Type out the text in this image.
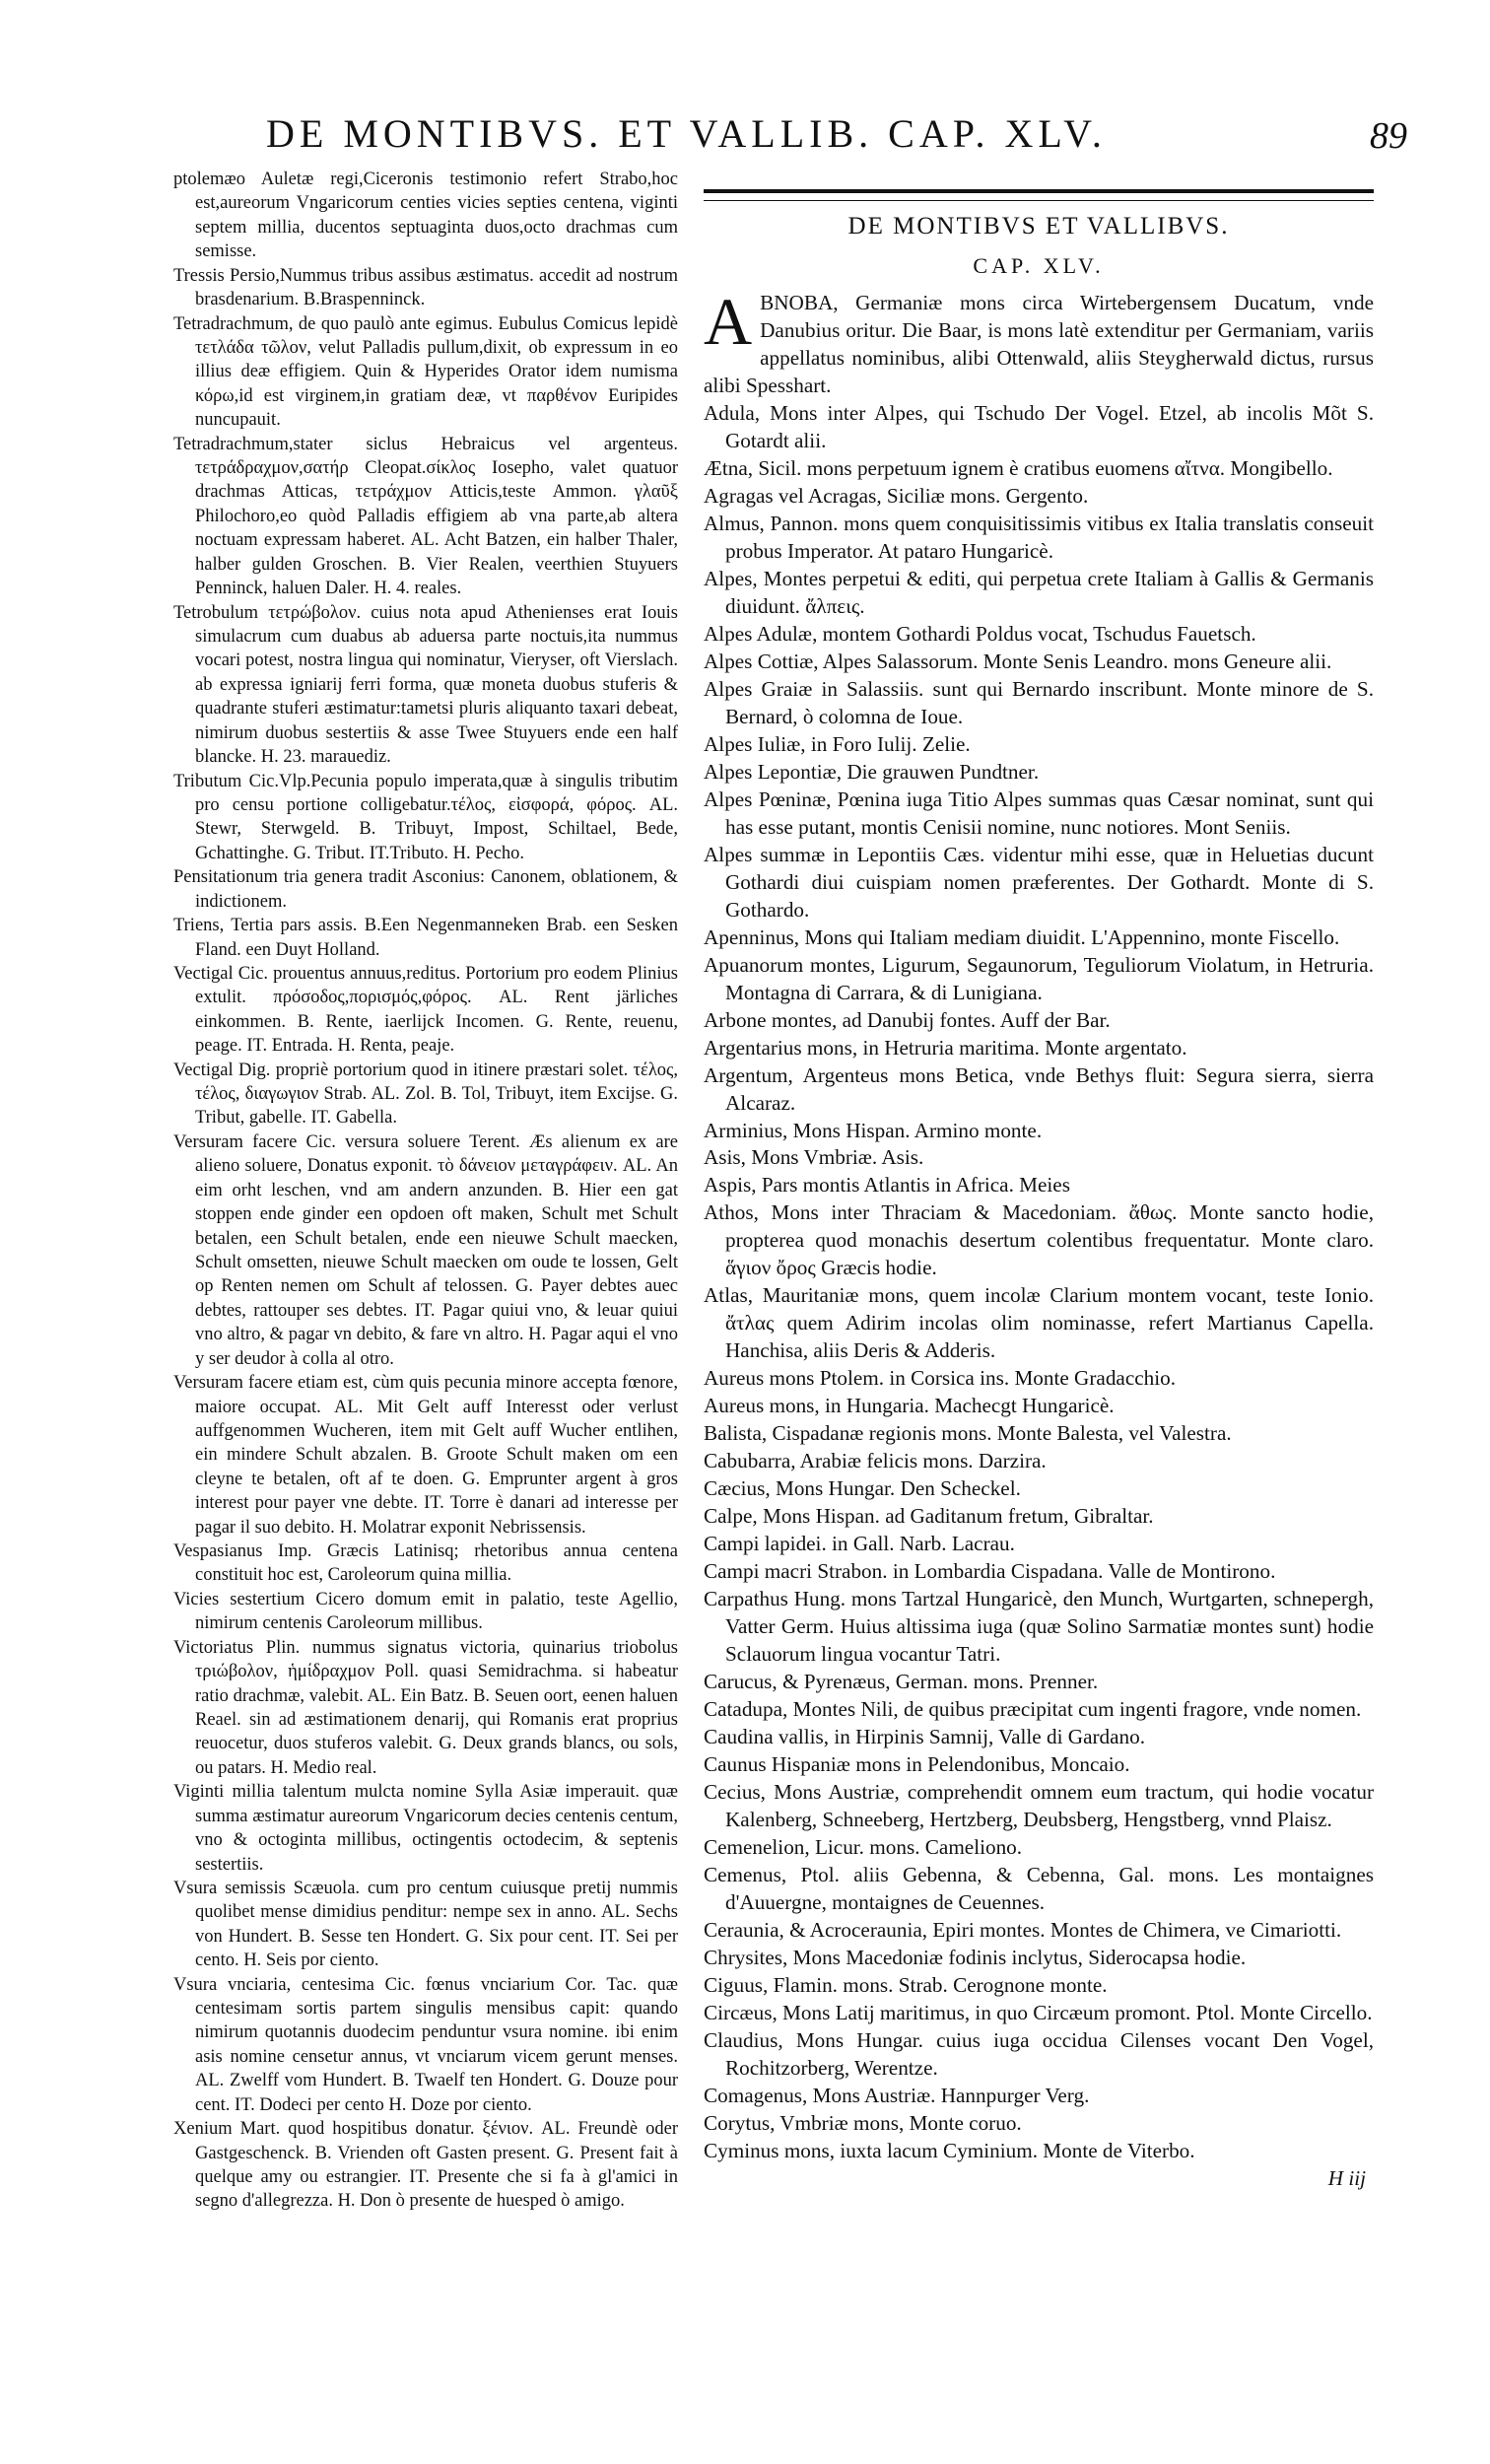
DE MONTIBVS. ET VALLIB. CAP. XLV.	89

ptolemæo Auletæ regi,Ciceronis testimonio refert Strabo,hoc est,aureorum Vngaricorum centies vicies septies centena, viginti septem millia, ducentos septuaginta duos,octo drachmas cum semisse.

Tressis Persio,Nummus tribus assibus æstimatus. accedit ad nostrum brasdenarium. B.Braspenninck.

Tetradrachmum, de quo paulò ante egimus. Eubulus Comicus lepidè τετλάδα τῶλον, velut Palladis pullum,dixit, ob expressum in eo illius deæ effigiem. Quin & Hyperides Orator idem numisma κόρω,id est virginem,in gratiam deæ, vt παρθένον Euripides nuncupauit.

Tetradrachmum,stater siclus Hebraicus vel argenteus. τετράδραχμον,σατήρ Cleopat.σίκλος Iosepho, valet quatuor drachmas Atticas, τετράχμον Atticis,teste Ammon. γλαῦξ Philochoro,eo quòd Palladis effigiem ab vna parte,ab altera noctuam expressam haberet. AL. Acht Batzen, ein halber Thaler, halber gulden Groschen. B. Vier Realen, veerthien Stuyuers Penninck, haluen Daler. H. 4. reales.

Tetrobulum τετρώβολον. cuius nota apud Athenienses erat Iouis simulacrum cum duabus ab aduersa parte noctuis,ita nummus vocari potest, nostra lingua qui nominatur, Vieryser, oft Vierslach. ab expressa igniarij ferri forma, quæ moneta duobus stuferis & quadrante stuferi æstimatur:tametsi pluris aliquanto taxari debeat, nimirum duobus sestertiis & asse Twee Stuyuers ende een half blancke. H. 23. marauediz.

Tributum Cic.Vlp.Pecunia populo imperata,quæ à singulis tributim pro censu portione colligebatur.τέλος, εἰσφορά, φόρος. AL. Stewr, Sterwgeld. B. Tribuyt, Impost, Schiltael, Bede, Gchattinghe. G. Tribut. IT.Tributo. H. Pecho.

Pensitationum tria genera tradit Asconius: Canonem, oblationem, & indictionem.

Triens, Tertia pars assis. B.Een Negenmanneken Brab. een Sesken Fland. een Duyt Holland.

Vectigal Cic. prouentus annuus,reditus. Portorium pro eodem Plinius extulit. πρόσοδος,πορισμός,φόρος. AL. Rent järliches einkommen. B. Rente, iaerlijck Incomen. G. Rente, reuenu, peage. IT. Entrada. H. Renta, peaje.

Vectigal Dig. propriè portorium quod in itinere præstari solet. τέλος, τέλος, διαγωγιον Strab. AL. Zol. B. Tol, Tribuyt, item Excijse. G. Tribut, gabelle. IT. Gabella.

Versuram facere Cic. versura soluere Terent. Æs alienum ex are alieno soluere, Donatus exponit. τὸ δάνειον μεταγράφειν. AL. An eim orht leschen, vnd am andern anzunden. B. Hier een gat stoppen ende ginder een opdoen oft maken, Schult met Schult betalen, een Schult betalen, ende een nieuwe Schult maecken, Schult omsetten, nieuwe Schult maecken om oude te lossen, Gelt op Renten nemen om Schult af telossen. G. Payer debtes auec debtes, rattouper ses debtes. IT. Pagar quiui vno, & leuar quiui vno altro, & pagar vn debito, & fare vn altro. H. Pagar aqui el vno y ser deudor à colla al otro.

Versuram facere etiam est, cùm quis pecunia minore accepta fœnore, maiore occupat. AL. Mit Gelt auff Interesst oder verlust auffgenommen Wucheren, item mit Gelt auff Wucher entlihen, ein mindere Schult abzalen. B. Groote Schult maken om een cleyne te betalen, oft af te doen. G. Emprunter argent à gros interest pour payer vne debte. IT. Torre è danari ad interesse per pagar il suo debito. H. Molatrar exponit Nebrissensis.

Vespasianus Imp. Græcis Latinisq; rhetoribus annua centena constituit hoc est, Caroleorum quina millia.

Vicies sestertium Cicero domum emit in palatio, teste Agellio, nimirum centenis Caroleorum millibus.

Victoriatus Plin. nummus signatus victoria, quinarius triobolus τριώβολον, ἡμίδραχμον Poll. quasi Semidrachma. si habeatur ratio drachmæ, valebit. AL. Ein Batz. B. Seuen oort, eenen haluen Reael. sin ad æstimationem denarij, qui Romanis erat proprius reuocetur, duos stuferos valebit. G. Deux grands blancs, ou sols, ou patars. H. Medio real.

Viginti millia talentum mulcta nomine Sylla Asiæ imperauit. quæ summa æstimatur aureorum Vngaricorum decies centenis centum, vno & octoginta millibus, octingentis octodecim, & septenis sestertiis.

Vsura semissis Scæuola. cum pro centum cuiusque pretij nummis quolibet mense dimidius penditur: nempe sex in anno. AL. Sechs von Hundert. B. Sesse ten Hondert. G. Six pour cent. IT. Sei per cento. H. Seis por ciento.

Vsura vnciaria, centesima Cic. fœnus vnciarium Cor. Tac. quæ centesimam sortis partem singulis mensibus capit: quando nimirum quotannis duodecim penduntur vsura nomine. ibi enim asis nomine censetur annus, vt vnciarum vicem gerunt menses. AL. Zwelff vom Hundert. B. Twaelf ten Hondert. G. Douze pour cent. IT. Dodeci per cento H. Doze por ciento.

Xenium Mart. quod hospitibus donatur. ξένιον. AL. Freundè oder Gastgeschenck. B. Vrienden oft Gasten present. G. Present fait à quelque amy ou estrangier. IT. Presente che si fa à gl'amici in segno d'allegrezza. H. Don ò presente de huesped ò amigo.

DE MONTIBVS ET VALLIBVS.
CAP. XLV.

A BNOBA, Germaniæ mons circa Wirtebergensem Ducatum, vnde Danubius oritur. Die Baar, is mons latè extenditur per Germaniam, variis appellatus nominibus, alibi Ottenwald, aliis Steygherwald dictus, rursus alibi Spesshart.

Adula, Mons inter Alpes, qui Tschudo Der Vogel. Etzel, ab incolis Mõt S. Gotardt alii.

Ætna, Sicil. mons perpetuum ignem è cratibus euomens αἴτνα. Mongibello.

Agragas vel Acragas, Siciliæ mons. Gergento.

Almus, Pannon. mons quem conquisitissimis vitibus ex Italia translatis conseuit probus Imperator. At pataro Hungaricè.

Alpes, Montes perpetui & editi, qui perpetua crete Italiam à Gallis & Germanis diuidunt. ἄλπεις.

Alpes Adulæ, montem Gothardi Poldus vocat, Tschudus Fauetsch.

Alpes Cottiæ, Alpes Salassorum. Monte Senis Leandro. mons Geneure alii.

Alpes Graiæ in Salassiis. sunt qui Bernardo inscribunt. Monte minore de S. Bernard, ò colomna de Ioue.

Alpes Iuliæ, in Foro Iulij. Zelie.

Alpes Lepontiæ, Die grauwen Pundtner.

Alpes Pœninæ, Pœnina iuga Titio Alpes summas quas Cæsar nominat, sunt qui has esse putant, montis Cenisii nomine, nunc notiores. Mont Seniis.

Alpes summæ in Lepontiis Cæs. videntur mihi esse, quæ in Heluetias ducunt Gothardi diui cuispiam nomen præferentes. Der Gothardt. Monte di S. Gothardo.

Apenninus, Mons qui Italiam mediam diuidit. L'Appennino, monte Fiscello.

Apuanorum montes, Ligurum, Segaunorum, Teguliorum Violatum, in Hetruria. Montagna di Carrara, & di Lunigiana.

Arbone montes, ad Danubij fontes. Auff der Bar.

Argentarius mons, in Hetruria maritima. Monte argentato.

Argentum, Argenteus mons Betica, vnde Bethys fluit: Segura sierra, sierra Alcaraz.

Arminius, Mons Hispan. Armino monte.

Asis, Mons Vmbriæ. Asis.

Aspis, Pars montis Atlantis in Africa. Meies

Athos, Mons inter Thraciam & Macedoniam. ἄθως. Monte sancto hodie, propterea quod monachis desertum colentibus frequentatur. Monte claro. ἅγιον ὄρος Græcis hodie.

Atlas, Mauritaniæ mons, quem incolæ Clarium montem vocant, teste Ionio. ἄτλας quem Adirim incolas olim nominasse, refert Martianus Capella. Hanchisa, aliis Deris & Adderis.

Aureus mons Ptolem. in Corsica ins. Monte Gradacchio.

Aureus mons, in Hungaria. Machecgt Hungaricè.

Balista, Cispadanæ regionis mons. Monte Balesta, vel Valestra.

Cabubarra, Arabiæ felicis mons. Darzira.

Cæcius, Mons Hungar. Den Scheckel.

Calpe, Mons Hispan. ad Gaditanum fretum, Gibraltar.

Campi lapidei. in Gall. Narb. Lacrau.

Campi macri Strabon. in Lombardia Cispadana. Valle de Montirono.

Carpathus Hung. mons Tartzal Hungaricè, den Munch, Wurtgarten, schnepergh, Vatter Germ. Huius altissima iuga (quæ Solino Sarmatiæ montes sunt) hodie Sclauorum lingua vocantur Tatri.

Carucus, & Pyrenæus, German. mons. Prenner.

Catadupa, Montes Nili, de quibus præcipitat cum ingenti fragore, vnde nomen.

Caudina vallis, in Hirpinis Samnij, Valle di Gardano.

Caunus Hispaniæ mons in Pelendonibus, Moncaio.

Cecius, Mons Austriæ, comprehendit omnem eum tractum, qui hodie vocatur Kalenberg, Schneeberg, Hertzberg, Deubsberg, Hengstberg, vnnd Plaisz.

Cemenelion, Licur. mons. Cameliono.

Cemenus, Ptol. aliis Gebenna, & Cebenna, Gal. mons. Les montaignes d'Auuergne, montaignes de Ceuennes.

Ceraunia, & Acroceraunia, Epiri montes. Montes de Chimera, ve Cimariotti.

Chrysites, Mons Macedoniæ fodinis inclytus, Siderocapsa hodie.

Ciguus, Flamin. mons. Strab. Cerognone monte.

Circæus, Mons Latij maritimus, in quo Circæum promont. Ptol. Monte Circello.

Claudius, Mons Hungar. cuius iuga occidua Cilenses vocant Den Vogel, Rochitzorberg, Werentze.

Comagenus, Mons Austriæ. Hannpurger Verg.

Corytus, Vmbriæ mons, Monte coruo.

Cyminus mons, iuxta lacum Cyminium. Monte de Viterbo.

H iij
